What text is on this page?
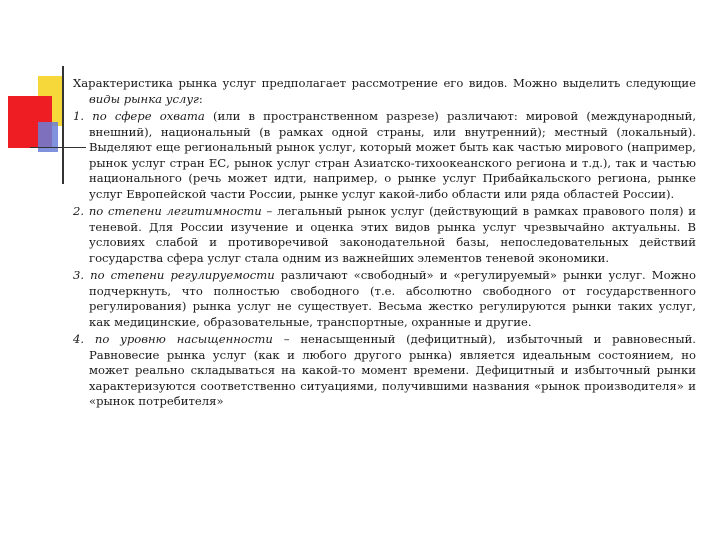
Характеристика рынка услуг предполагает рассмотрение его видов. Можно выделить следующие виды рынка услуг:

1. по сфере охвата (или в пространственном разрезе) различают: мировой (международный, внешний), национальный (в рамках одной страны, или внутренний); местный (локальный). Выделяют еще региональный рынок услуг, который может быть как частью мирового (например, рынок услуг стран ЕС, рынок услуг стран Азиатско-тихоокеанского региона и т.д.), так и частью национального (речь может идти, например, о рынке услуг Прибайкальского региона, рынке услуг Европейской части России, рынке услуг какой-либо области или ряда областей России).

2. по степени легитимности – легальный рынок услуг (действующий в рамках правового поля) и теневой. Для России изучение и оценка этих видов рынка услуг чрезвычайно актуальны. В условиях слабой и противоречивой законодательной базы, непоследовательных действий государства сфера услуг стала одним из важнейших элементов теневой экономики.

3. по степени регулируемости различают «свободный» и «регулируемый» рынки услуг. Можно подчеркнуть, что полностью свободного (т.е. абсолютно свободного от государственного регулирования) рынка услуг не существует. Весьма жестко регулируются рынки таких услуг, как медицинские, образовательные, транспортные, охранные и другие.

4. по уровню насыщенности – ненасыщенный (дефицитный), избыточный и равновесный. Равновесие рынка услуг (как и любого другого рынка) является идеальным состоянием, но может реально складываться на какой-то момент времени. Дефицитный и избыточный рынки характеризуются соответственно ситуациями, получившими названия «рынок производителя» и «рынок потребителя»
